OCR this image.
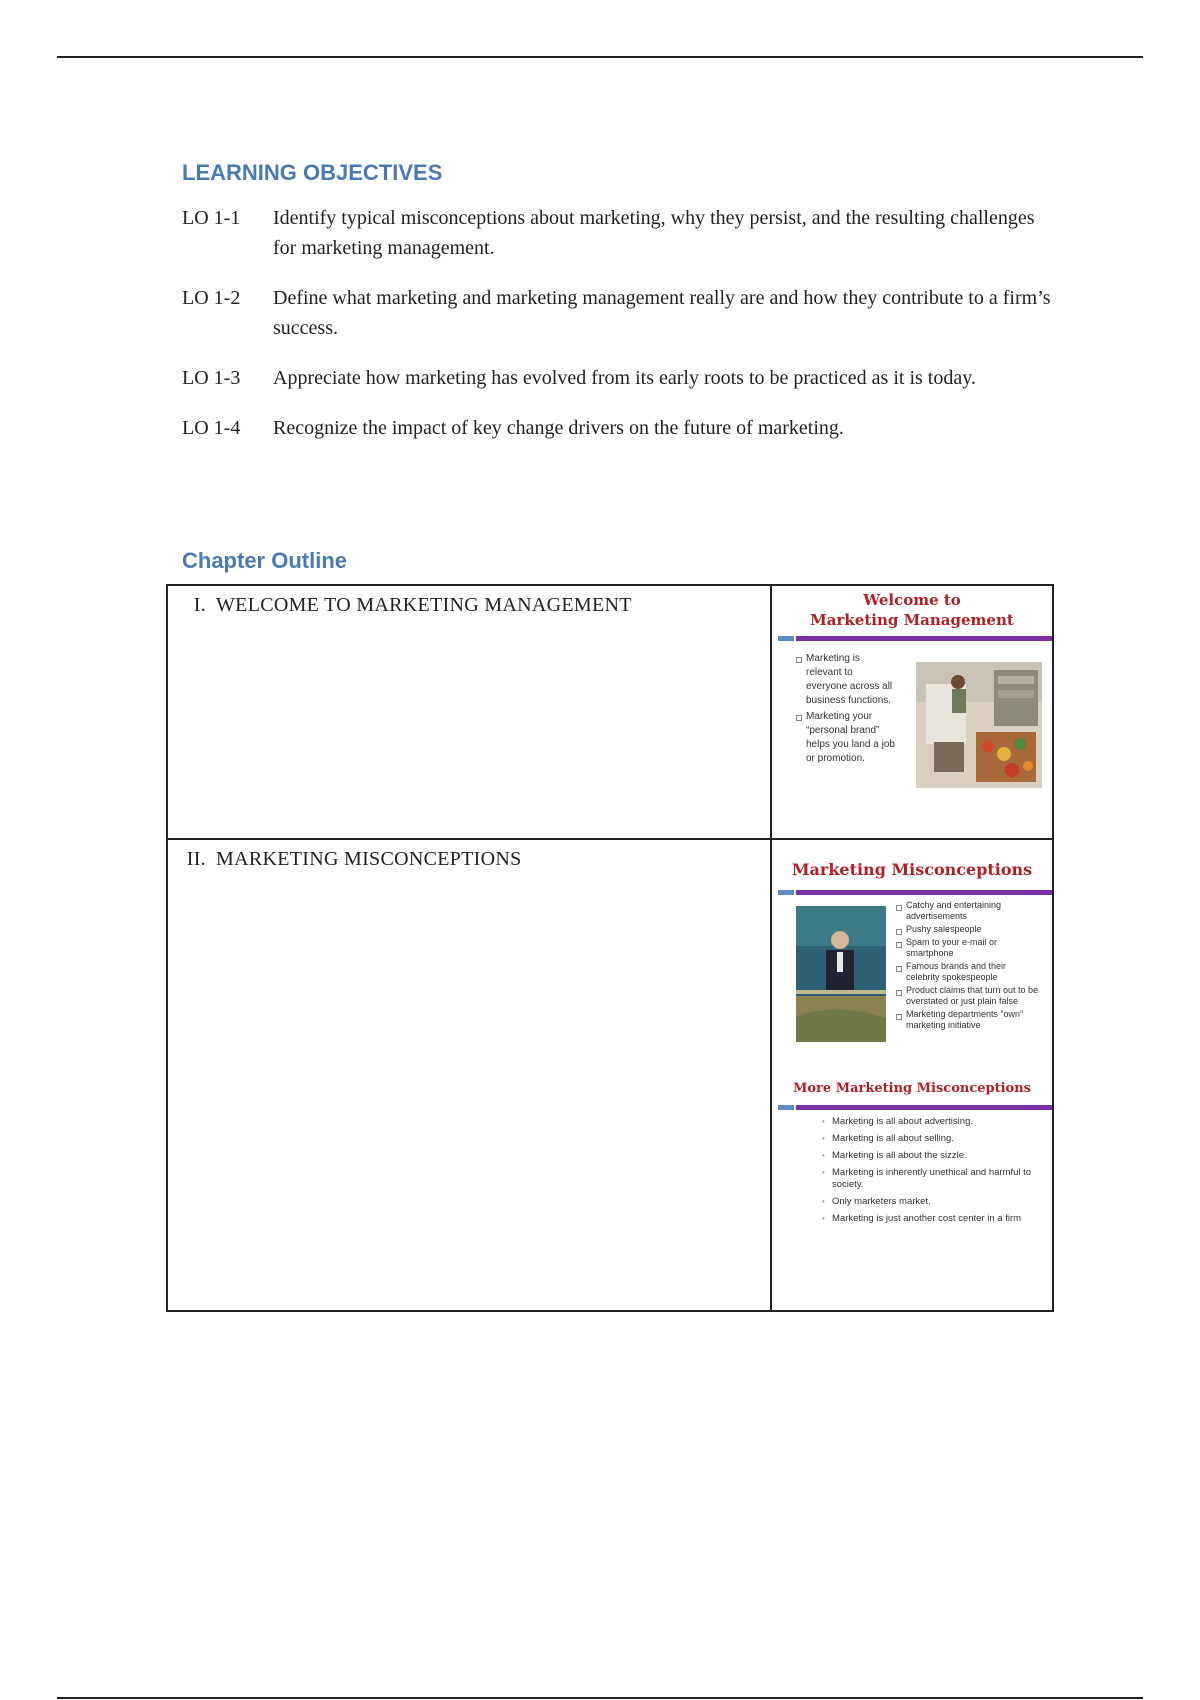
LEARNING OBJECTIVES
LO 1-1	Identify typical misconceptions about marketing, why they persist, and the resulting challenges for marketing management.
LO 1-2	Define what marketing and marketing management really are and how they contribute to a firm’s success.
LO 1-3	Appreciate how marketing has evolved from its early roots to be practiced as it is today.
LO 1-4	Recognize the impact of key change drivers on the future of marketing.
Chapter Outline
I. WELCOME TO MARKETING MANAGEMENT	Welcome to
Marketing Management
Marketing is relevant to everyone across all business functions.
Marketing your “personal brand” helps you land a job or promotion.
II. MARKETING MISCONCEPTIONS	Marketing Misconceptions
Catchy and entertaining advertisements
Pushy salespeople
Spam to your e-mail or smartphone
Famous brands and their celebrity spokespeople
Product claims that turn out to be overstated or just plain false
Marketing departments “own” marketing initiative
More Marketing Misconceptions
• Marketing is all about advertising.
• Marketing is all about selling.
• Marketing is all about the sizzle.
• Marketing is inherently unethical and harmful to society.
• Only marketers market.
• Marketing is just another cost center in a firm
